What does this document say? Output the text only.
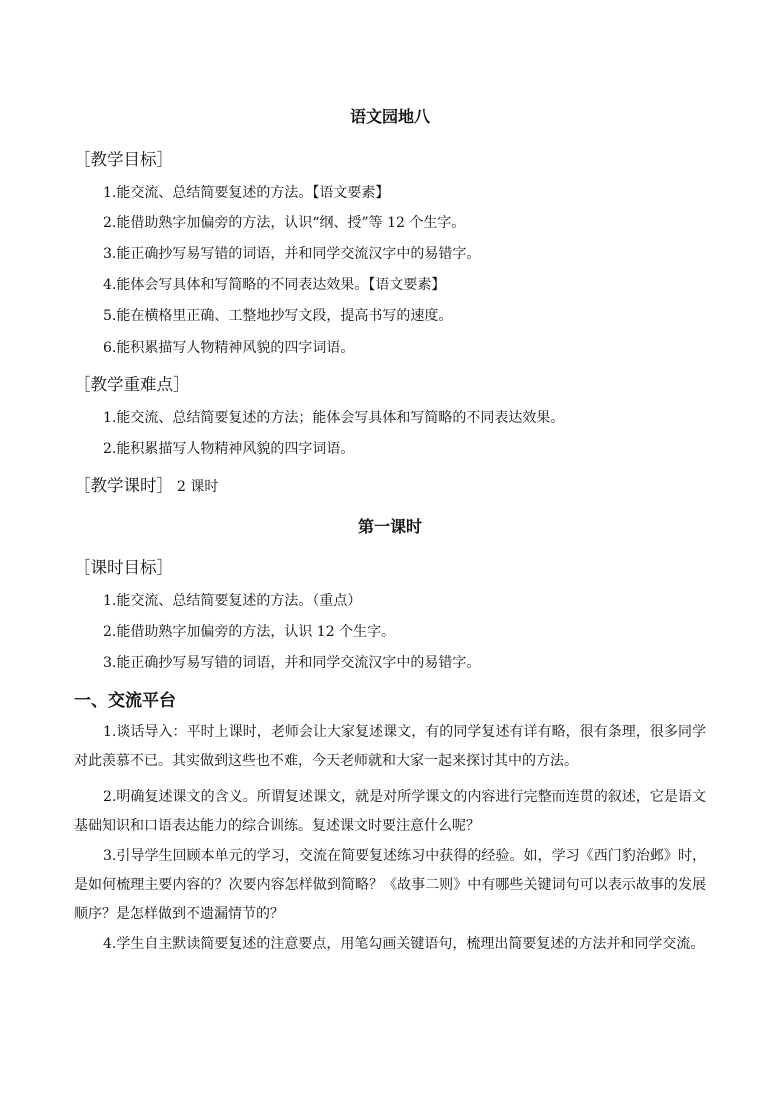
语文园地八
［教学目标］
1.能交流、总结简要复述的方法。【语文要素】
2.能借助熟字加偏旁的方法，认识“纲、授”等 12 个生字。
3.能正确抄写易写错的词语，并和同学交流汉字中的易错字。
4.能体会写具体和写简略的不同表达效果。【语文要素】
5.能在横格里正确、工整地抄写文段，提高书写的速度。
6.能积累描写人物精神风貌的四字词语。
［教学重难点］
1.能交流、总结简要复述的方法；能体会写具体和写简略的不同表达效果。
2.能积累描写人物精神风貌的四字词语。
［教学课时］ 2 课时
第一课时
［课时目标］
1.能交流、总结简要复述的方法。（重点）
2.能借助熟字加偏旁的方法，认识 12 个生字。
3.能正确抄写易写错的词语，并和同学交流汉字中的易错字。
一、交流平台
1.谈话导入：平时上课时，老师会让大家复述课文，有的同学复述有详有略，很有条理，很多同学对此羡慕不已。其实做到这些也不难，今天老师就和大家一起来探讨其中的方法。
2.明确复述课文的含义。所谓复述课文，就是对所学课文的内容进行完整而连贯的叙述，它是语文基础知识和口语表达能力的综合训练。复述课文时要注意什么呢？
3.引导学生回顾本单元的学习，交流在简要复述练习中获得的经验。如，学习《西门豹治邺》时，是如何梳理主要内容的？次要内容怎样做到简略？《故事二则》中有哪些关键词句可以表示故事的发展顺序？是怎样做到不遗漏情节的？
4.学生自主默读简要复述的注意要点，用笔勾画关键语句，梳理出简要复述的方法并和同学交流。
